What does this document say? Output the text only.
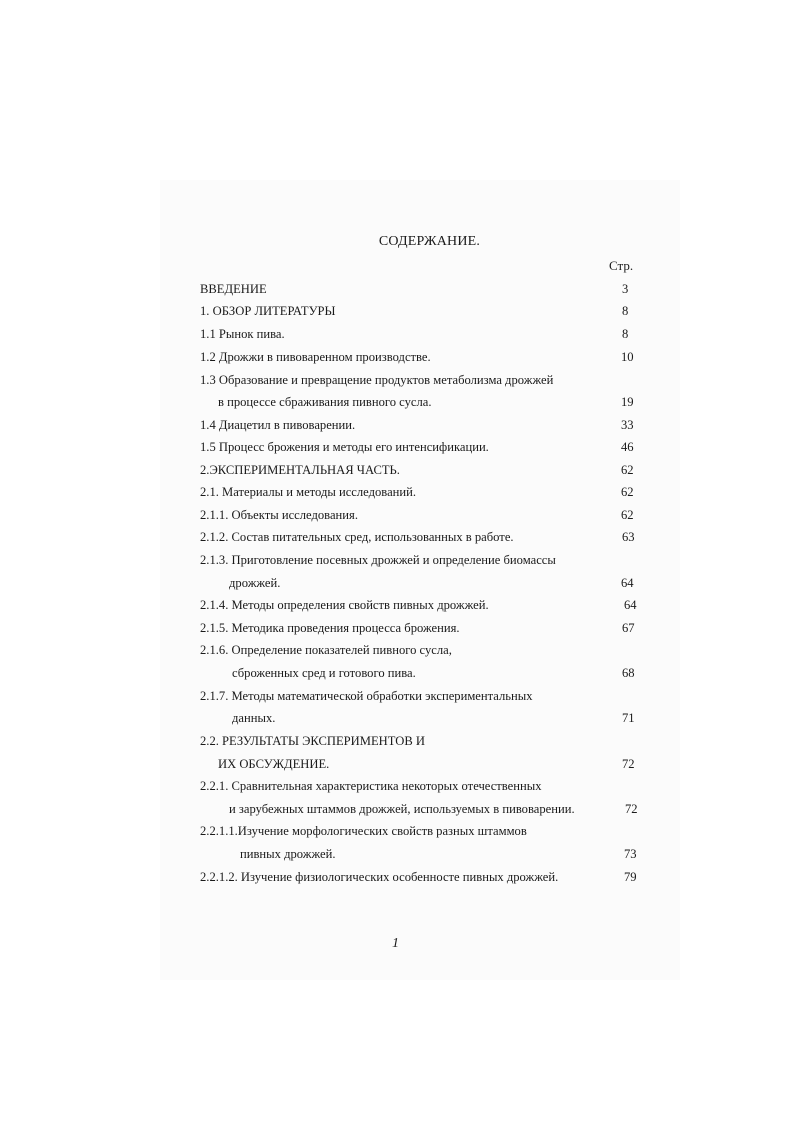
СОДЕРЖАНИЕ.
Стр.
ВВЕДЕНИЕ	3
1. ОБЗОР ЛИТЕРАТУРЫ	8
1.1 Рынок пива.	8
1.2 Дрожжи в пивоваренном производстве.	10
1.3 Образование и превращение продуктов метаболизма дрожжей
в процессе сбраживания пивного сусла.	19
1.4 Диацетил в пивоварении.	33
1.5 Процесс брожения и методы его интенсификации.	46
2.ЭКСПЕРИМЕНТАЛЬНАЯ ЧАСТЬ.	62
2.1. Материалы и методы исследований.	62
2.1.1. Объекты исследования.	62
2.1.2. Состав питательных сред, использованных в работе.	63
2.1.3. Приготовление посевных дрожжей и определение биомассы
дрожжей.	64
2.1.4. Методы определения свойств пивных дрожжей.	64
2.1.5. Методика проведения процесса брожения.	67
2.1.6. Определение показателей пивного сусла,
сброженных сред и готового пива.	68
2.1.7. Методы математической обработки экспериментальных
данных.	71
2.2. РЕЗУЛЬТАТЫ ЭКСПЕРИМЕНТОВ И
ИХ ОБСУЖДЕНИЕ.	72
2.2.1. Сравнительная характеристика некоторых отечественных
и зарубежных штаммов дрожжей, используемых в пивоварении.	72
2.2.1.1.Изучение морфологических свойств разных штаммов
пивных дрожжей.	73
2.2.1.2. Изучение физиологических особенносте пивных дрожжей.	79
1
